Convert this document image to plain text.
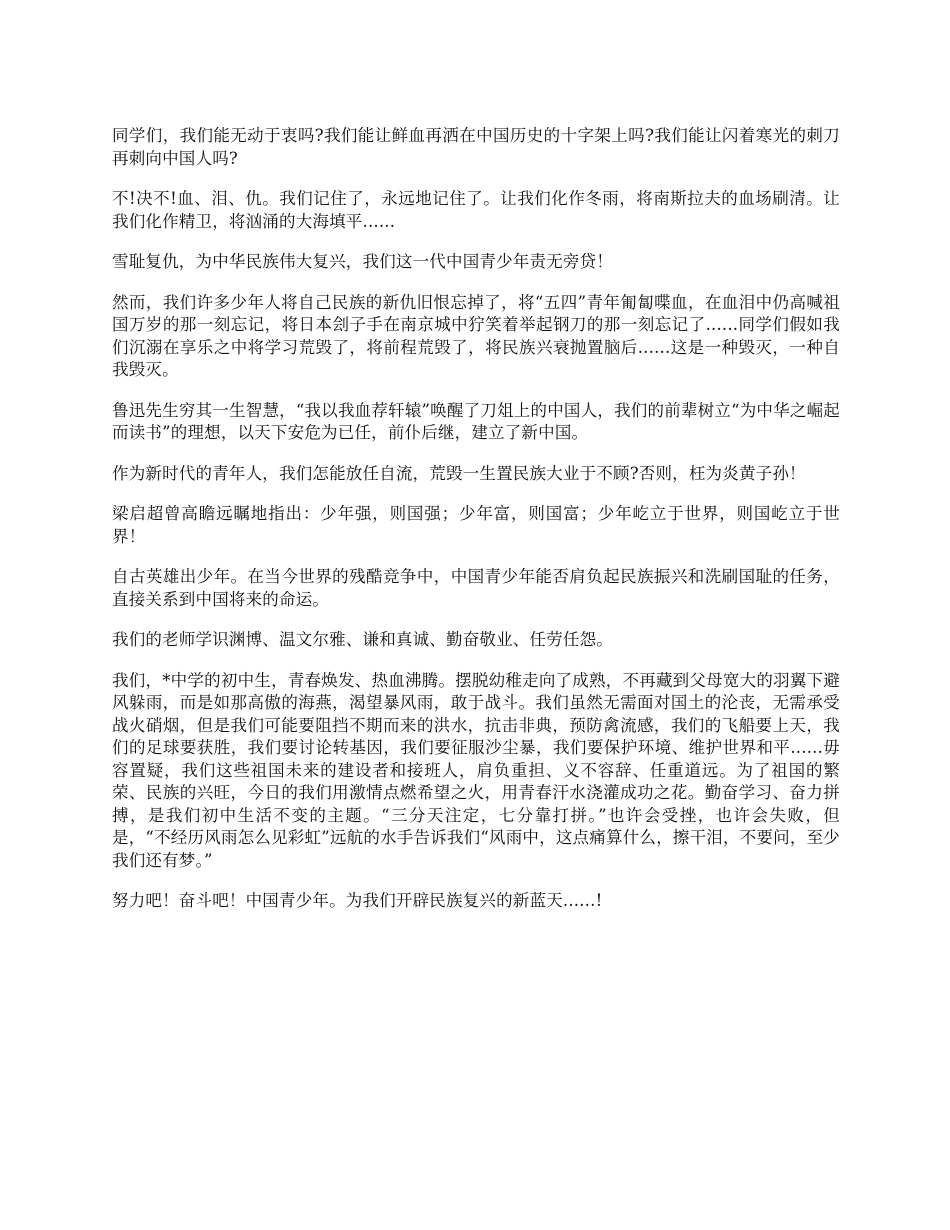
同学们，我们能无动于衷吗?我们能让鲜血再洒在中国历史的十字架上吗?我们能让闪着寒光的刺刀再刺向中国人吗?

不!决不!血、泪、仇。我们记住了，永远地记住了。让我们化作冬雨，将南斯拉夫的血场刷清。让我们化作精卫，将汹涌的大海填平......

雪耻复仇，为中华民族伟大复兴，我们这一代中国青少年责无旁贷！

然而，我们许多少年人将自己民族的新仇旧恨忘掉了，将“五四”青年匍匐喋血，在血泪中仍高喊祖国万岁的那一刻忘记，将日本刽子手在南京城中狞笑着举起钢刀的那一刻忘记了......同学们假如我们沉溺在享乐之中将学习荒毁了，将前程荒毁了，将民族兴衰抛置脑后......这是一种毁灭，一种自我毁灭。

鲁迅先生穷其一生智慧，“我以我血荐轩辕”唤醒了刀俎上的中国人，我们的前辈树立“为中华之崛起而读书”的理想，以天下安危为已任，前仆后继，建立了新中国。

作为新时代的青年人，我们怎能放任自流，荒毁一生置民族大业于不顾?否则，枉为炎黄子孙！

梁启超曾高瞻远瞩地指出：少年强，则国强；少年富，则国富；少年屹立于世界，则国屹立于世界！

自古英雄出少年。在当今世界的残酷竞争中，中国青少年能否肩负起民族振兴和洗刷国耻的任务，直接关系到中国将来的命运。

我们的老师学识渊博、温文尔雅、谦和真诚、勤奋敬业、任劳任怨。

我们，*中学的初中生，青春焕发、热血沸腾。摆脱幼稚走向了成熟，不再藏到父母宽大的羽翼下避风躲雨，而是如那高傲的海燕，渴望暴风雨，敢于战斗。我们虽然无需面对国土的沦丧，无需承受战火硝烟，但是我们可能要阻挡不期而来的洪水，抗击非典，预防禽流感，我们的飞船要上天，我们的足球要获胜，我们要讨论转基因，我们要征服沙尘暴，我们要保护环境、维护世界和平......毋容置疑，我们这些祖国未来的建设者和接班人，肩负重担、义不容辞、任重道远。为了祖国的繁荣、民族的兴旺，今日的我们用激情点燃希望之火，用青春汗水浇灌成功之花。勤奋学习、奋力拼搏，是我们初中生活不变的主题。“三分天注定，七分靠打拼。”也许会受挫，也许会失败，但是，“不经历风雨怎么见彩虹”远航的水手告诉我们“风雨中，这点痛算什么，擦干泪，不要问，至少我们还有梦。”

努力吧！奋斗吧！中国青少年。为我们开辟民族复兴的新蓝天......!
